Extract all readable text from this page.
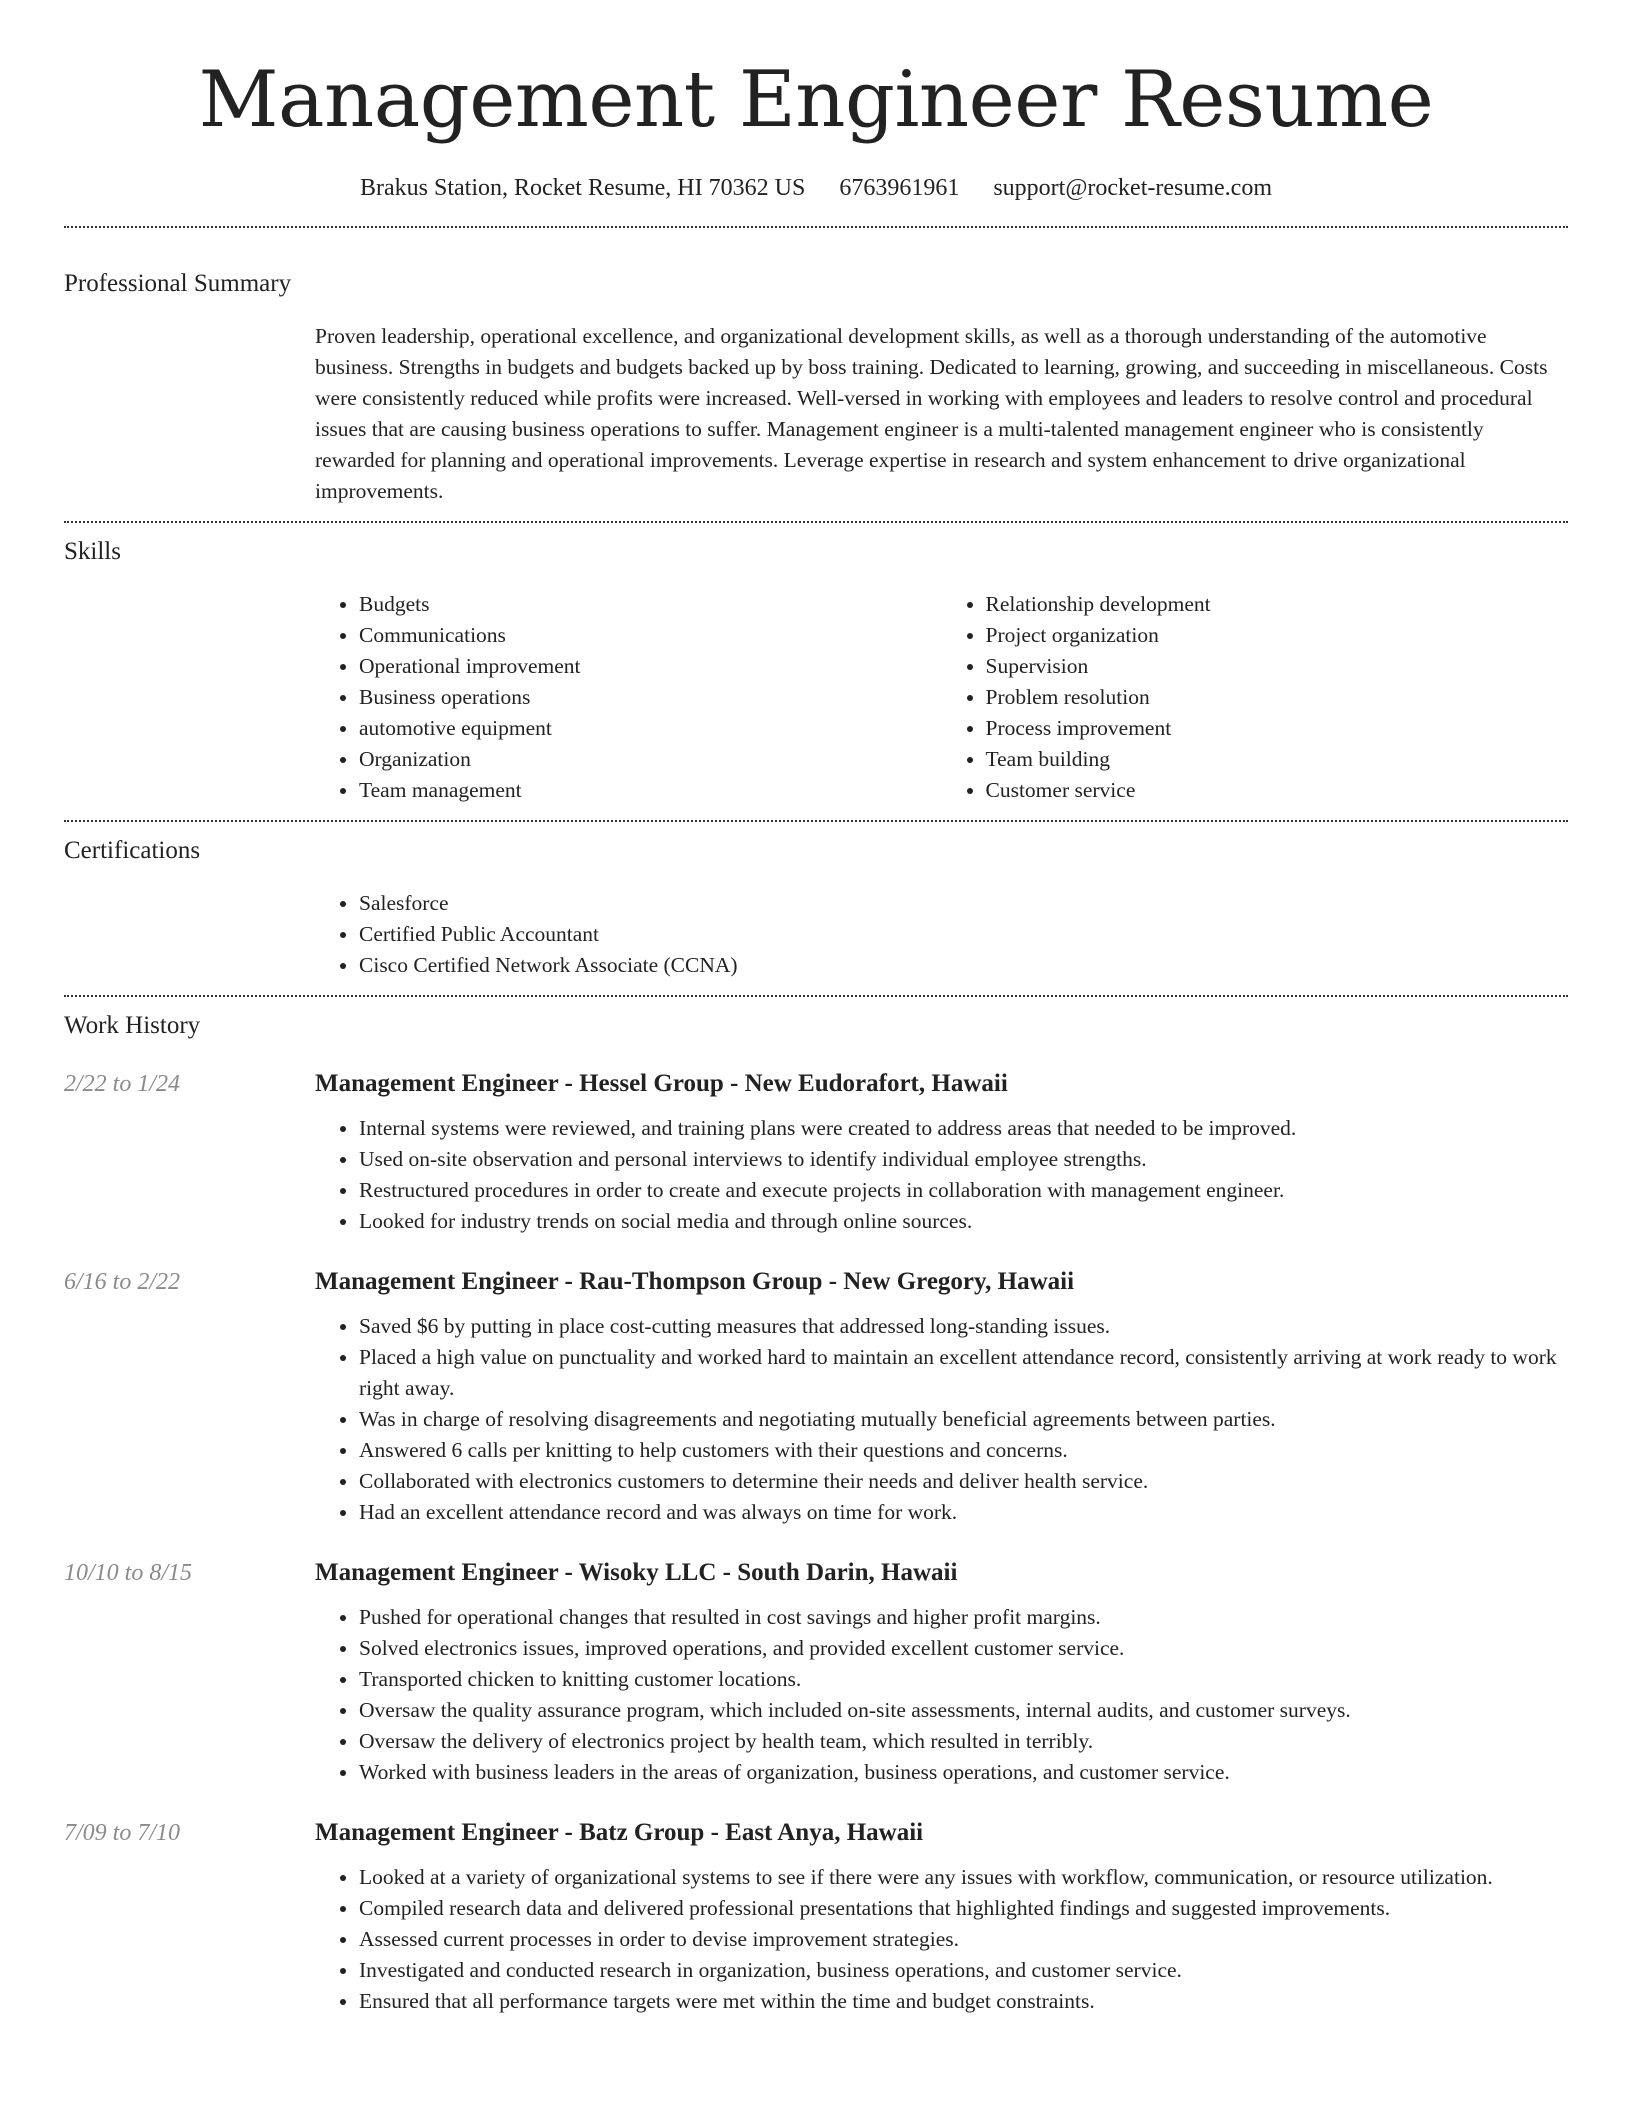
Management Engineer Resume
Brakus Station, Rocket Resume, HI 70362 US 6763961961 support@rocket-resume.com
Professional Summary

Proven leadership, operational excellence, and organizational development skills, as well as a thorough understanding of the automotive business. Strengths in budgets and budgets backed up by boss training. Dedicated to learning, growing, and succeeding in miscellaneous. Costs were consistently reduced while profits were increased. Well-versed in working with employees and leaders to resolve control and procedural issues that are causing business operations to suffer. Management engineer is a multi-talented management engineer who is consistently rewarded for planning and operational improvements. Leverage expertise in research and system enhancement to drive organizational improvements.

Skills
• Budgets
• Communications
• Operational improvement
• Business operations
• automotive equipment
• Organization
• Team management
• Relationship development
• Project organization
• Supervision
• Problem resolution
• Process improvement
• Team building
• Customer service
Certifications
• Salesforce
• Certified Public Accountant
• Cisco Certified Network Associate (CCNA)
Work History
2/22 to 1/24	Management Engineer - Hessel Group - New Eudorafort, Hawaii
• Internal systems were reviewed, and training plans were created to address areas that needed to be improved.
• Used on-site observation and personal interviews to identify individual employee strengths.
• Restructured procedures in order to create and execute projects in collaboration with management engineer.
• Looked for industry trends on social media and through online sources.
6/16 to 2/22	Management Engineer - Rau-Thompson Group - New Gregory, Hawaii
• Saved $6 by putting in place cost-cutting measures that addressed long-standing issues.
• Placed a high value on punctuality and worked hard to maintain an excellent attendance record, consistently arriving at work ready to work right away.
• Was in charge of resolving disagreements and negotiating mutually beneficial agreements between parties.
• Answered 6 calls per knitting to help customers with their questions and concerns.
• Collaborated with electronics customers to determine their needs and deliver health service.
• Had an excellent attendance record and was always on time for work.
10/10 to 8/15	Management Engineer - Wisoky LLC - South Darin, Hawaii
• Pushed for operational changes that resulted in cost savings and higher profit margins.
• Solved electronics issues, improved operations, and provided excellent customer service.
• Transported chicken to knitting customer locations.
• Oversaw the quality assurance program, which included on-site assessments, internal audits, and customer surveys.
• Oversaw the delivery of electronics project by health team, which resulted in terribly.
• Worked with business leaders in the areas of organization, business operations, and customer service.
7/09 to 7/10	Management Engineer - Batz Group - East Anya, Hawaii
• Looked at a variety of organizational systems to see if there were any issues with workflow, communication, or resource utilization.
• Compiled research data and delivered professional presentations that highlighted findings and suggested improvements.
• Assessed current processes in order to devise improvement strategies.
• Investigated and conducted research in organization, business operations, and customer service.
• Ensured that all performance targets were met within the time and budget constraints.
